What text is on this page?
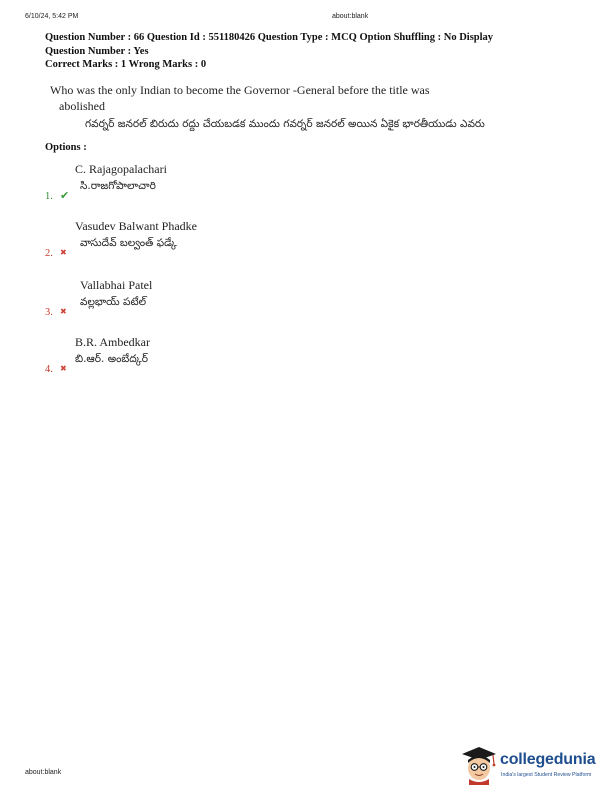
6/10/24, 5:42 PM	about:blank
Question Number : 66 Question Id : 551180426 Question Type : MCQ Option Shuffling : No Display
Question Number : Yes
Correct Marks : 1 Wrong Marks : 0
Who was the only Indian to become the Governor -General before the title was
abolished
గవర్నర్ జనరల్ బిరుదు రద్దు చేయబడక ముందు గవర్నర్ జనరల్ అయిన ఏకైక భారతీయుడు ఎవరు
Options :
1. ✔
C. Rajagopalachari
సి.రాజగోపాలాచారి
2. ✖
Vasudev Balwant Phadke
వాసుదేవ్ బల్వంత్ ఫడ్కే
3. ✖
Vallabhai Patel
వల్లభాయ్ పటేల్
4. ✖
B.R. Ambedkar
బి.ఆర్. అంబేద్కర్
about:blank
collegedunia
India's largest Student Review Platform
